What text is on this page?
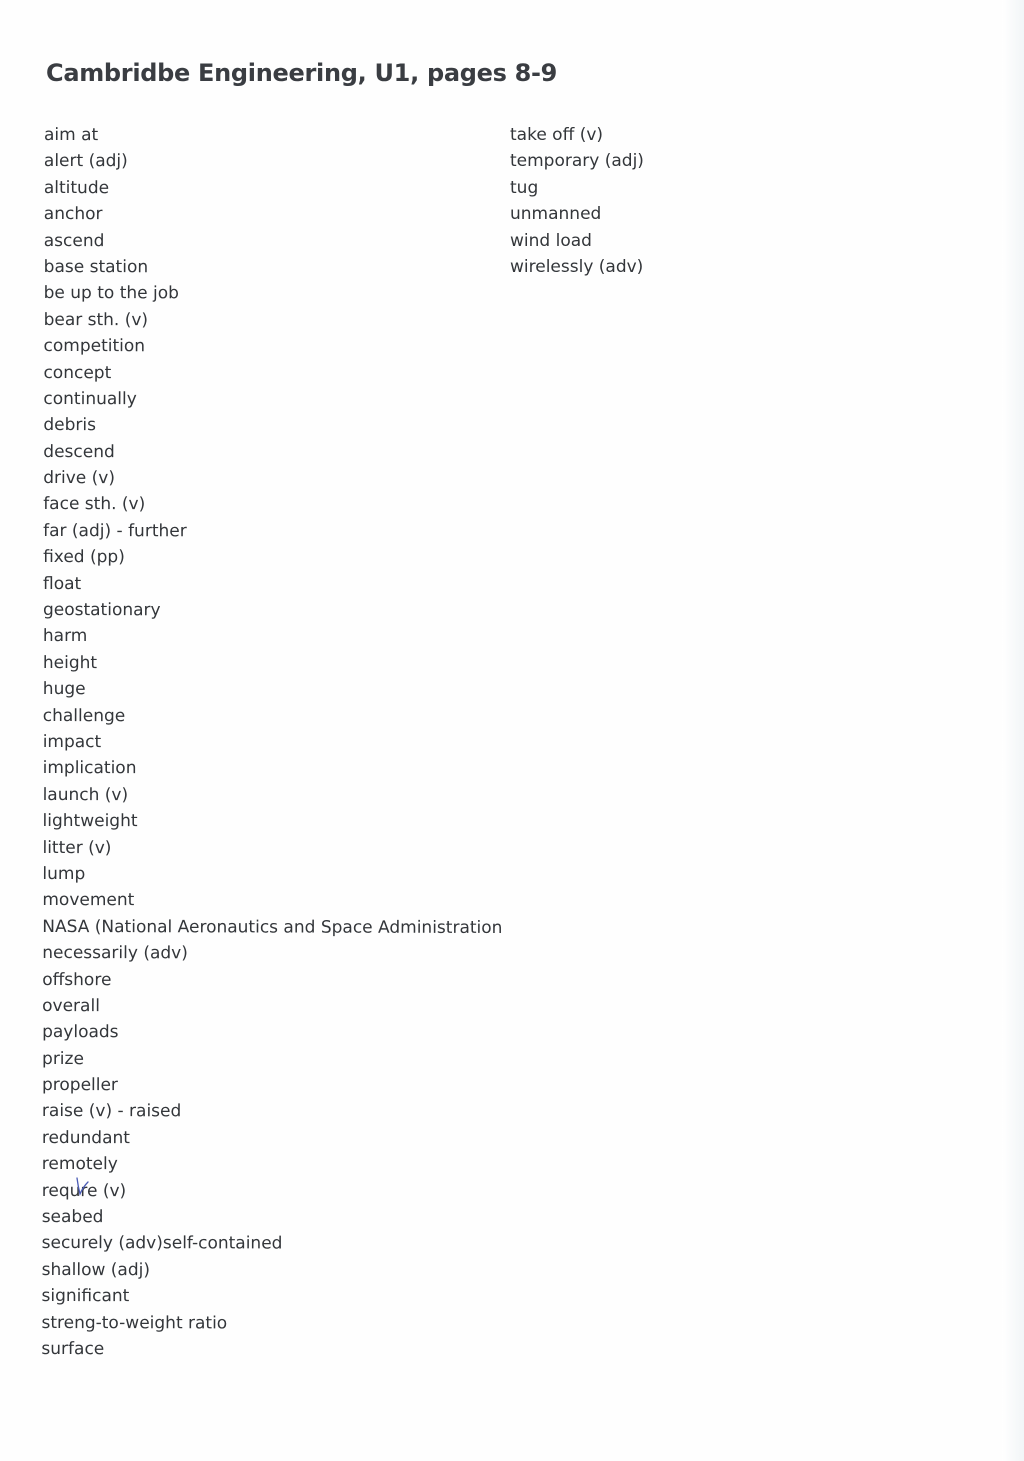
Cambridbe Engineering, U1, pages 8-9
aim at
alert (adj)
altitude
anchor
ascend
base station
be up to the job
bear sth. (v)
competition
concept
continually
debris
descend
drive (v)
face sth. (v)
far (adj) - further
fixed (pp)
float
geostationary
harm
height
huge
challenge
impact
implication
launch (v)
lightweight
litter (v)
lump
movement
NASA (National Aeronautics and Space Administration
necessarily (adv)
offshore
overall
payloads
prize
propeller
raise (v) - raised
redundant
remotely
requre (v)
seabed
securely (adv)self-contained
shallow (adj)
significant
streng-to-weight ratio
surface
take off (v)
temporary (adj)
tug
unmanned
wind load
wirelessly (adv)
